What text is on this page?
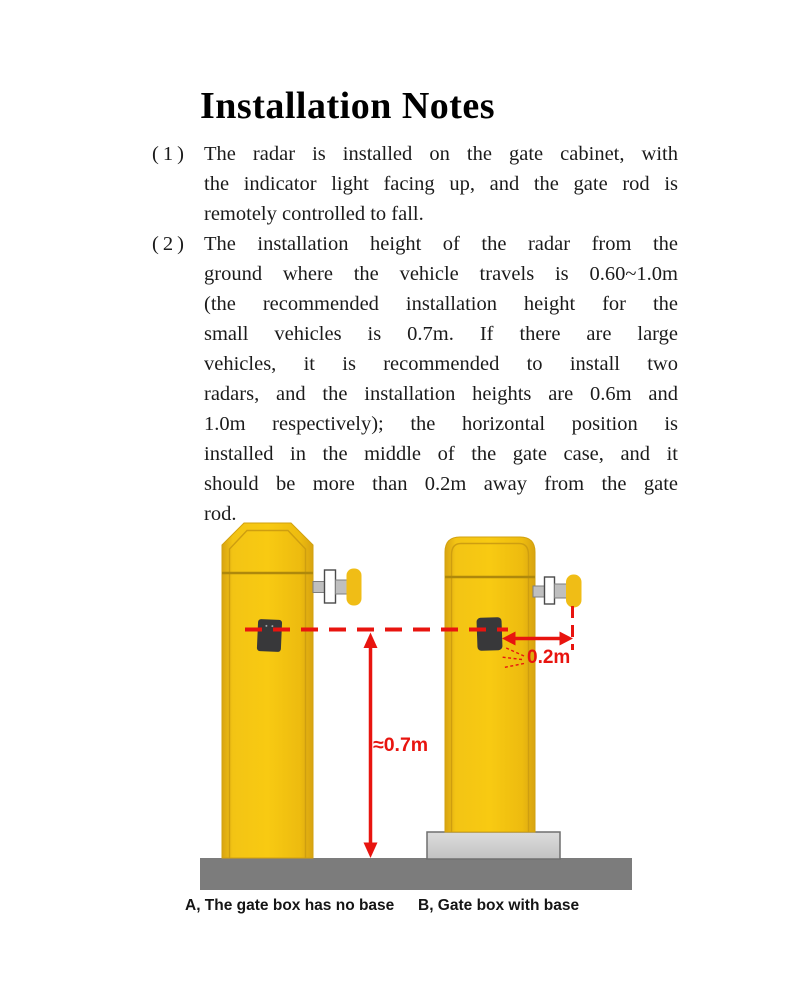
Installation Notes
(1) The radar is installed on the gate cabinet, with
the indicator light facing up, and the gate rod is
remotely controlled to fall.
(2) The installation height of the radar from the
ground where the vehicle travels is 0.60~1.0m
(the recommended installation height for the
small vehicles is 0.7m. If there are large
vehicles, it is recommended to install two
radars, and the installation heights are 0.6m and
1.0m respectively); the horizontal position is
installed in the middle of the gate case, and it
should be more than 0.2m away from the gate
rod.
0.2m
≈0.7m
A, The gate box has no base B, Gate box with base
